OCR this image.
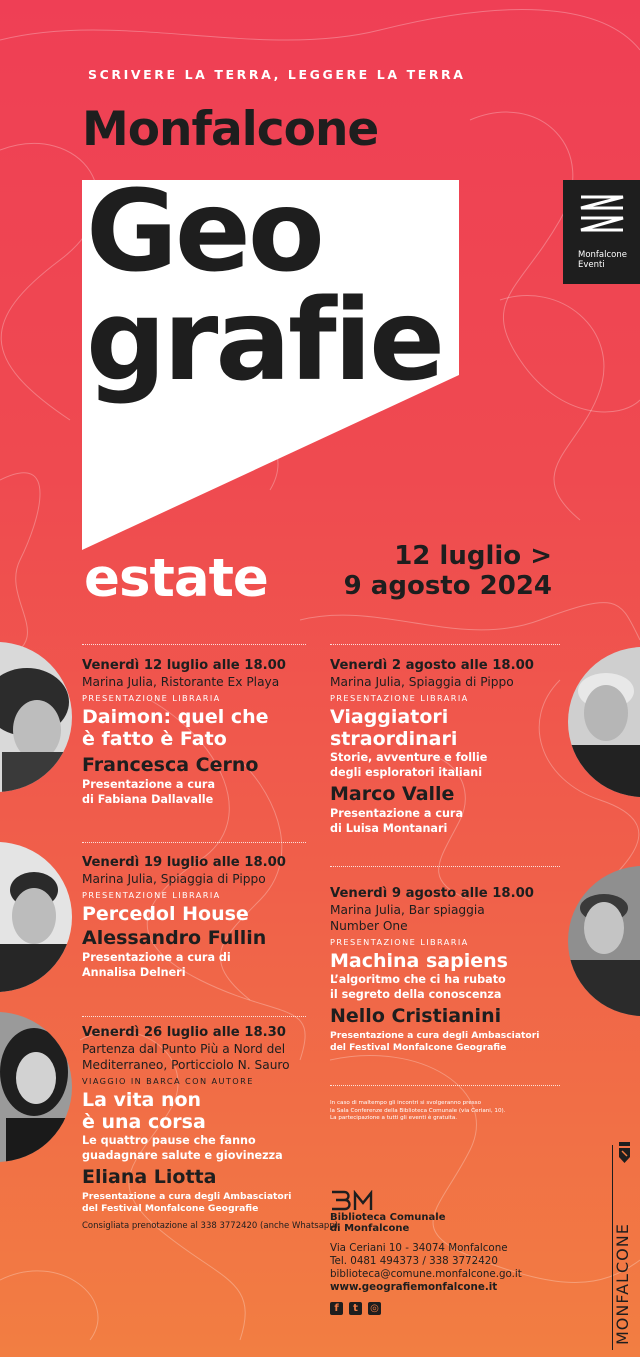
SCRIVERE LA TERRA, LEGGERE LA TERRA
Monfalcone
Geo
grafie
estate	12 luglio >
9 agosto 2024
Monfalcone
Eventi
Venerdì 12 luglio alle 18.00
Marina Julia, Ristorante Ex Playa
PRESENTAZIONE LIBRARIA
Daimon: quel che
è fatto è Fato
Francesca Cerno
Presentazione a cura
di Fabiana Dallavalle
Venerdì 19 luglio alle 18.00
Marina Julia, Spiaggia di Pippo
PRESENTAZIONE LIBRARIA
Percedol House
Alessandro Fullin
Presentazione a cura di
Annalisa Delneri
Venerdì 26 luglio alle 18.30
Partenza dal Punto Più a Nord del
Mediterraneo, Porticciolo N. Sauro
VIAGGIO IN BARCA CON AUTORE
La vita non
è una corsa
Le quattro pause che fanno
guadagnare salute e giovinezza
Eliana Liotta
Presentazione a cura degli Ambasciatori
del Festival Monfalcone Geografie
Consigliata prenotazione al 338 3772420 (anche Whatsapp)
Venerdì 2 agosto alle 18.00
Marina Julia, Spiaggia di Pippo
PRESENTAZIONE LIBRARIA
Viaggiatori
straordinari
Storie, avventure e follie
degli esploratori italiani
Marco Valle
Presentazione a cura
di Luisa Montanari
Venerdì 9 agosto alle 18.00
Marina Julia, Bar spiaggia
Number One
PRESENTAZIONE LIBRARIA
Machina sapiens
L’algoritmo che ci ha rubato
il segreto della conoscenza
Nello Cristianini
Presentazione a cura degli Ambasciatori
del Festival Monfalcone Geografie
In caso di maltempo gli incontri si svolgeranno presso
la Sala Conferenze della Biblioteca Comunale (via Ceriani, 10).
La partecipazione a tutti gli eventi è gratuita.
Biblioteca Comunale
di Monfalcone
Via Ceriani 10 - 34074 Monfalcone
Tel. 0481 494373 / 338 3772420
biblioteca@comune.monfalcone.go.it
www.geografiemonfalcone.it
f	t	◎	MONFALCONE
